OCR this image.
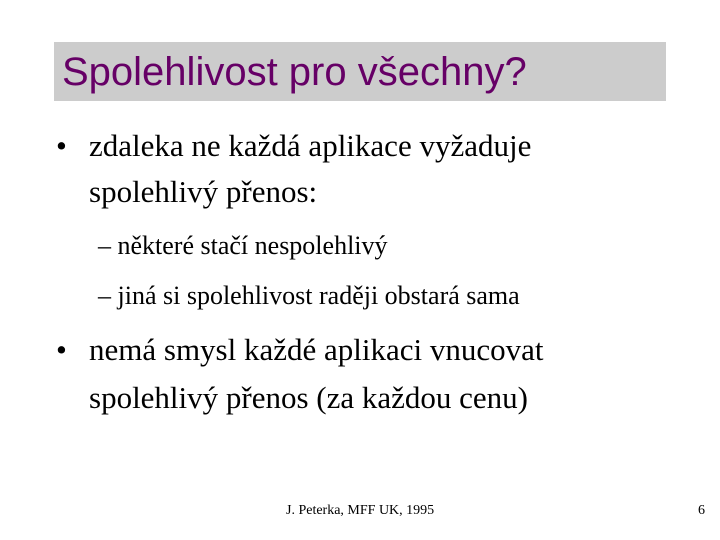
Spolehlivost pro všechny?
• zdaleka ne každá aplikace vyžaduje
spolehlivý přenos:
– některé stačí nespolehlivý
– jiná si spolehlivost raději obstará sama
• nemá smysl každé aplikaci vnucovat
spolehlivý přenos (za každou cenu)
J. Peterka, MFF UK, 1995	6
